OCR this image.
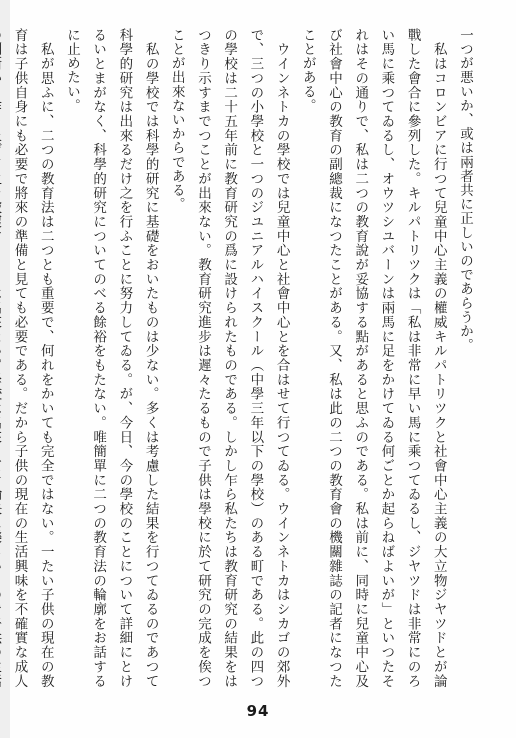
一つが悪いか、或は兩者共に正しいのであらうか。

　私はコロンビアに行つて兒童中心主義の權威キルパトリツクと社會中心主義の大立物ジヤツドとが論戰した會合に參列した。キルパトリツクは「私は非常に早い馬に乘つてゐるし、ジヤツドは非常にのろい馬に乘つてゐるし、オウツシユバーンは兩馬に足をかけてゐる何ごとか起らねばよいが」といつたそれはその通りで、私は二つの教育說が妥協する點があると思ふのである。私は前に、同時に兒童中心及び社會中心の教育の副總裁になつたことがある。又、私は此の二つの教育會の機關雜誌の記者になつたことがある。

　ウインネトカの學校では兒童中心と社會中心とを合はせて行つてゐる。ウインネトカはシカゴの郊外で、三つの小學校と一つのジユニアルハイスクール（中學三年以下の學校）のある町である。此の四つの學校は二十五年前に教育研究の爲に設けられたものである。しかし乍ら私たちは教育研究の結果をはつきり示すまでつことが出來ない。教育研究進步は遲々たるもので子供は學校に於て研究の完成を俟つことが出來ないからである。

　私の學校では科學的研究に基礎をおいたものは少ない。多くは考慮した結果を行つてゐるのであつて科學的研究は出來るだけ之を行ふことに努力してゐる。が、今日、今の學校のことについて詳細にとけるいとまがなく、科學的研究についてのべる餘裕をもたない。唯簡單に二つの教育法の輪廓をお話するに止めたい。

　私が思ふに、二つの教育法は二つとも重要で、何れをかいても完全ではない。一たい子供の現在の教育は子供自身にも必要で將來の準備と見ても必要である。だから子供の現在の生活興味を不確實な成人

94
